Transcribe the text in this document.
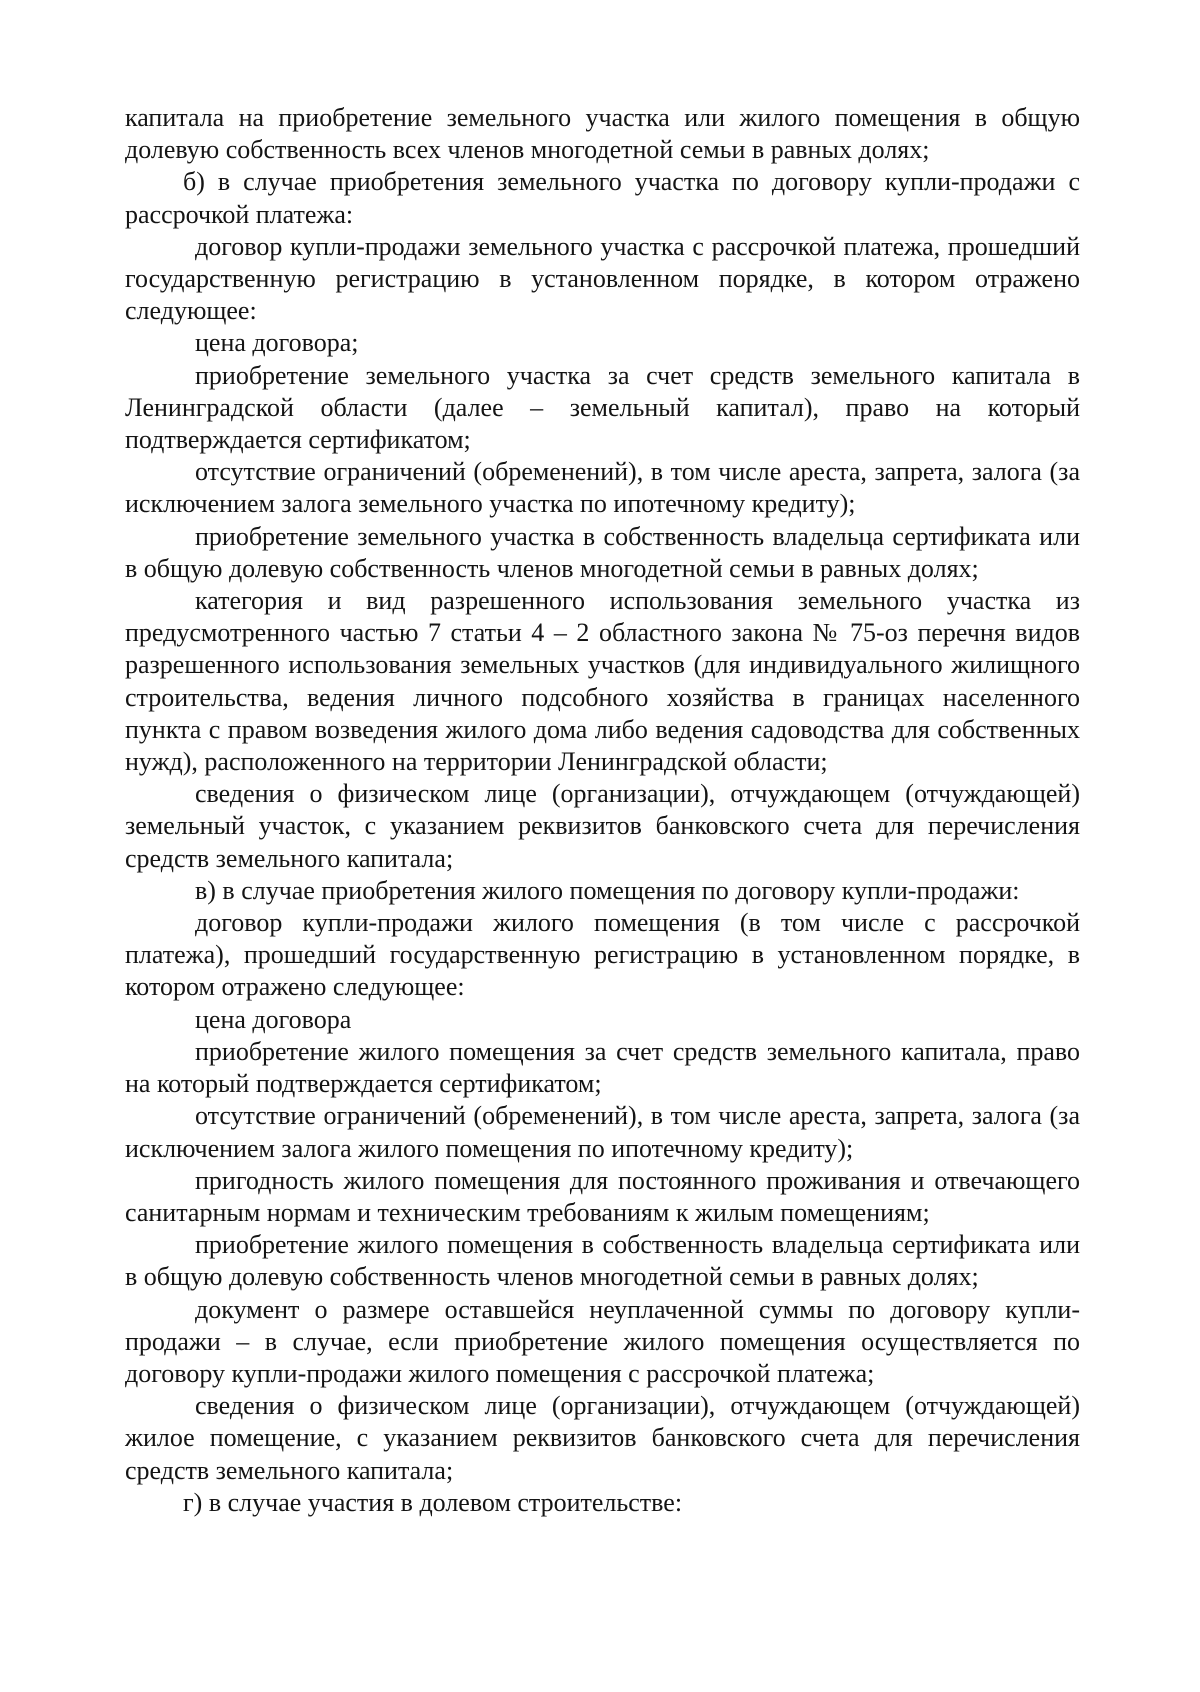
капитала на приобретение земельного участка или жилого помещения в общую долевую собственность всех членов многодетной семьи в равных долях;

б) в случае приобретения земельного участка по договору купли-продажи с рассрочкой платежа:

договор купли-продажи земельного участка с рассрочкой платежа, прошедший государственную регистрацию в установленном порядке, в котором отражено следующее:

цена договора;

приобретение земельного участка за счет средств земельного капитала в Ленинградской области (далее – земельный капитал), право на который подтверждается сертификатом;

отсутствие ограничений (обременений), в том числе ареста, запрета, залога (за исключением залога земельного участка по ипотечному кредиту);

приобретение земельного участка в собственность владельца сертификата или в общую долевую собственность членов многодетной семьи в равных долях;

категория и вид разрешенного использования земельного участка из предусмотренного частью 7 статьи 4 – 2 областного закона № 75-оз перечня видов разрешенного использования земельных участков (для индивидуального жилищного строительства, ведения личного подсобного хозяйства в границах населенного пункта с правом возведения жилого дома либо ведения садоводства для собственных нужд), расположенного на территории Ленинградской области;

сведения о физическом лице (организации), отчуждающем (отчуждающей) земельный участок, с указанием реквизитов банковского счета для перечисления средств земельного капитала;

в) в случае приобретения жилого помещения по договору купли-продажи:

договор купли-продажи жилого помещения (в том числе с рассрочкой платежа), прошедший государственную регистрацию в установленном порядке, в котором отражено следующее:

цена договора

приобретение жилого помещения за счет средств земельного капитала, право на который подтверждается сертификатом;

отсутствие ограничений (обременений), в том числе ареста, запрета, залога (за исключением залога жилого помещения по ипотечному кредиту);

пригодность жилого помещения для постоянного проживания и отвечающего санитарным нормам и техническим требованиям к жилым помещениям;

приобретение жилого помещения в собственность владельца сертификата или в общую долевую собственность членов многодетной семьи в равных долях;

документ о размере оставшейся неуплаченной суммы по договору купли-продажи – в случае, если приобретение жилого помещения осуществляется по договору купли-продажи жилого помещения с рассрочкой платежа;

сведения о физическом лице (организации), отчуждающем (отчуждающей) жилое помещение, с указанием реквизитов банковского счета для перечисления средств земельного капитала;

г) в случае участия в долевом строительстве:
